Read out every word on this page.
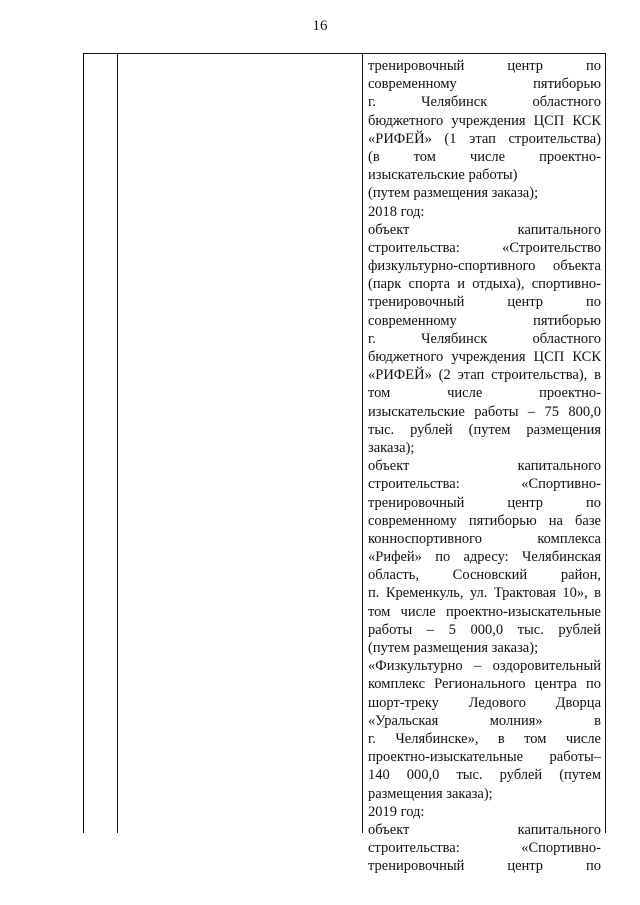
16
тренировочный центр по
современному пятиборью
г. Челябинск областного
бюджетного учреждения ЦСП КСК
«РИФЕЙ» (1 этап строительства)
(в том числе проектно-
изыскательские работы)
(путем размещения заказа);
2018 год:
объект капитального
строительства: «Строительство
физкультурно-спортивного объекта
(парк спорта и отдыха), спортивно-
тренировочный центр по
современному пятиборью
г. Челябинск областного
бюджетного учреждения ЦСП КСК
«РИФЕЙ» (2 этап строительства), в
том числе проектно-
изыскательские работы – 75 800,0
тыс. рублей (путем размещения
заказа);
объект капитального
строительства: «Спортивно-
тренировочный центр по
современному пятиборью на базе
конноспортивного комплекса
«Рифей» по адресу: Челябинская
область, Сосновский район,
п. Кременкуль, ул. Трактовая 10», в
том числе проектно-изыскательные
работы – 5 000,0 тыс. рублей
(путем размещения заказа);
«Физкультурно – оздоровительный
комплекс Регионального центра по
шорт-треку Ледового Дворца
«Уральская молния» в
г. Челябинске», в том числе
проектно-изыскательные работы–
140 000,0 тыс. рублей (путем
размещения заказа);
2019 год:
объект капитального
строительства: «Спортивно-
тренировочный центр по
